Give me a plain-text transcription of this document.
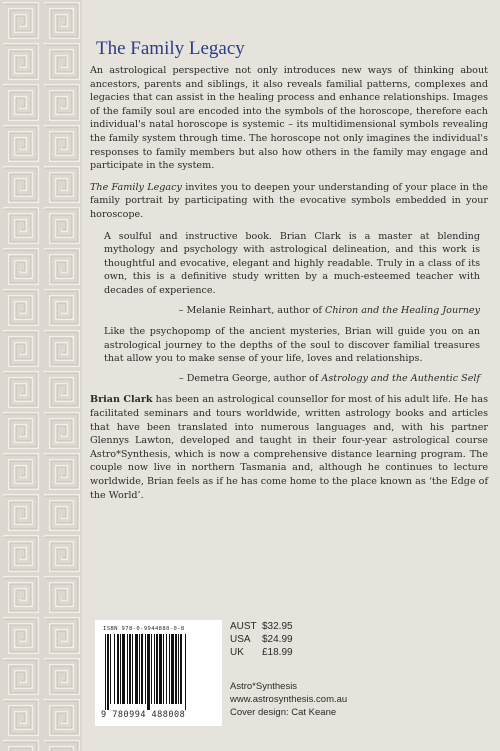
The Family Legacy

An astrological perspective not only introduces new ways of thinking about ancestors, parents and siblings, it also reveals familial patterns, complexes and legacies that can assist in the healing process and enhance relationships. Images of the family soul are encoded into the symbols of the horoscope, therefore each individual's natal horoscope is systemic – its multidimensional symbols revealing the family system through time. The horoscope not only imagines the individual's responses to family members but also how others in the family may engage and participate in the system.

The Family Legacy invites you to deepen your understanding of your place in the family portrait by participating with the evocative symbols embedded in your horoscope.

A soulful and instructive book. Brian Clark is a master at blending mythology and psychology with astrological delineation, and this work is thoughtful and evocative, elegant and highly readable. Truly in a class of its own, this is a definitive study written by a much-esteemed teacher with decades of experience.

– Melanie Reinhart, author of Chiron and the Healing Journey

Like the psychopomp of the ancient mysteries, Brian will guide you on an astrological journey to the depths of the soul to discover familial treasures that allow you to make sense of your life, loves and relationships.

– Demetra George, author of Astrology and the Authentic Self

Brian Clark has been an astrological counsellor for most of his adult life. He has facilitated seminars and tours worldwide, written astrology books and articles that have been translated into numerous languages and, with his partner Glennys Lawton, developed and taught in their four-year astrological course Astro*Synthesis, which is now a comprehensive distance learning program. The couple now live in northern Tasmania and, although he continues to lecture worldwide, Brian feels as if he has come home to the place known as ‘the Edge of the World’.

ISBN 978-0-9944880-0-8
9 780994 488008
AUST $32.95
USA	$24.99
UK	£18.99
Astro*Synthesis
www.astrosynthesis.com.au
Cover design: Cat Keane
